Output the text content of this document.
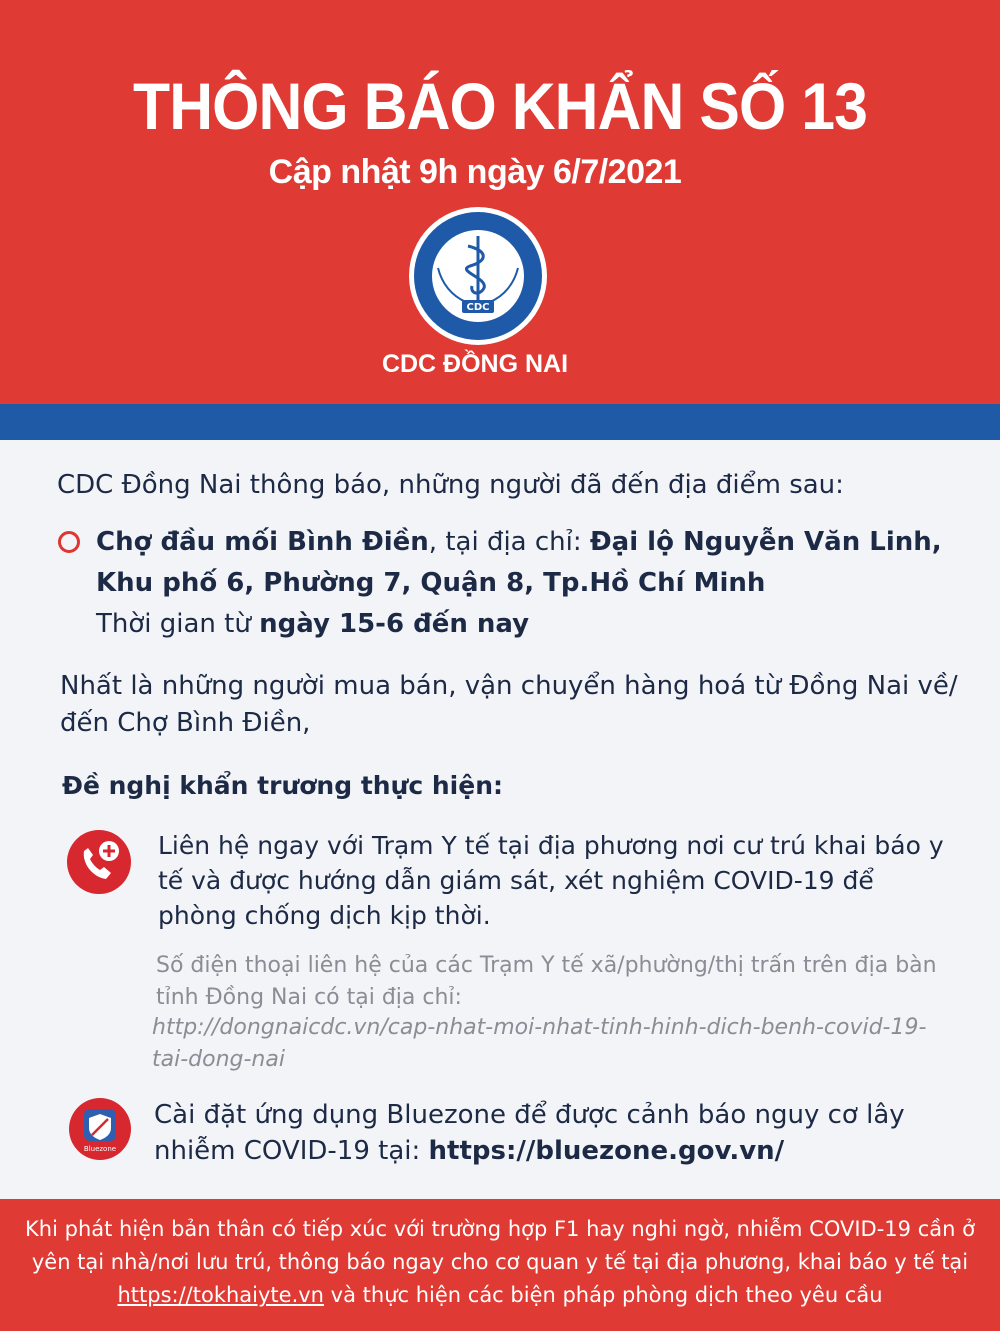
THÔNG BÁO KHẨN SỐ 13
Cập nhật 9h ngày 6/7/2021
CDC
CDC ĐỒNG NAI
CDC Đồng Nai thông báo, những người đã đến địa điểm sau:
Chợ đầu mối Bình Điền, tại địa chỉ: Đại lộ Nguyễn Văn Linh, Khu phố 6, Phường 7, Quận 8, Tp.Hồ Chí Minh
Thời gian từ ngày 15-6 đến nay
Nhất là những người mua bán, vận chuyển hàng hoá từ Đồng Nai về/đến Chợ Bình Điền,
Đề nghị khẩn trương thực hiện:
Liên hệ ngay với Trạm Y tế tại địa phương nơi cư trú khai báo y tế và được hướng dẫn giám sát, xét nghiệm COVID-19 để phòng chống dịch kịp thời.
Số điện thoại liên hệ của các Trạm Y tế xã/phường/thị trấn trên địa bàn tỉnh Đồng Nai có tại địa chỉ:
http://dongnaicdc.vn/cap-nhat-moi-nhat-tinh-hinh-dich-benh-covid-19-tai-dong-nai
Bluezone
Cài đặt ứng dụng Bluezone để được cảnh báo nguy cơ lây nhiễm COVID-19 tại: https://bluezone.gov.vn/
Khi phát hiện bản thân có tiếp xúc với trường hợp F1 hay nghi ngờ, nhiễm COVID-19 cần ở yên tại nhà/nơi lưu trú, thông báo ngay cho cơ quan y tế tại địa phương, khai báo y tế tại https://tokhaiyte.vn và thực hiện các biện pháp phòng dịch theo yêu cầu
